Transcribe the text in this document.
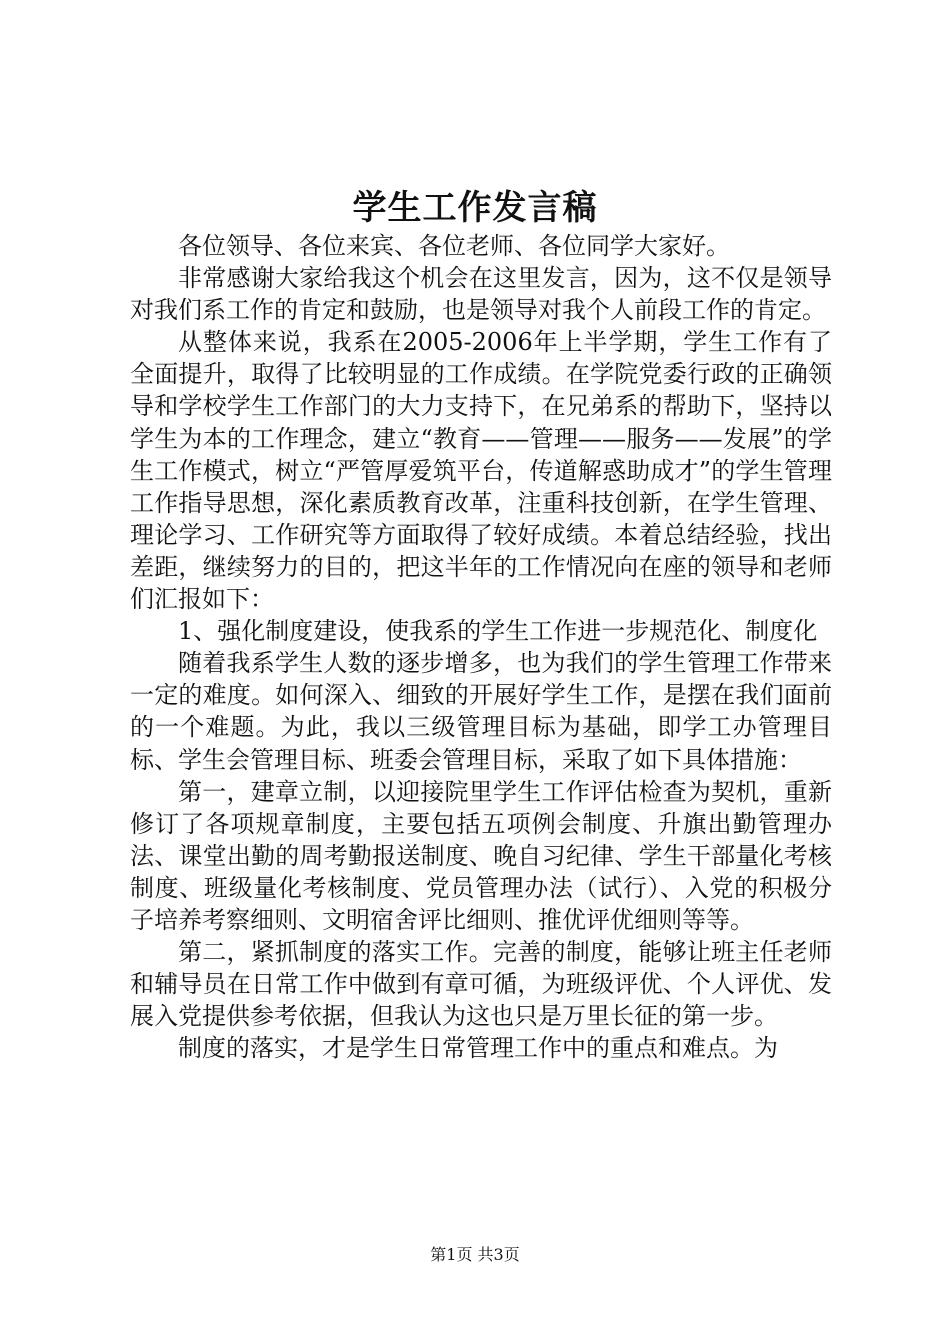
学生工作发言稿

各位领导、各位来宾、各位老师、各位同学大家好。

非常感谢大家给我这个机会在这里发言，因为，这不仅是领导对我们系工作的肯定和鼓励，也是领导对我个人前段工作的肯定。

从整体来说，我系在2005-2006年上半学期，学生工作有了全面提升，取得了比较明显的工作成绩。在学院党委行政的正确领导和学校学生工作部门的大力支持下，在兄弟系的帮助下，坚持以学生为本的工作理念，建立“教育——管理——服务——发展”的学生工作模式，树立“严管厚爱筑平台，传道解惑助成才”的学生管理工作指导思想，深化素质教育改革，注重科技创新，在学生管理、理论学习、工作研究等方面取得了较好成绩。本着总结经验，找出差距，继续努力的目的，把这半年的工作情况向在座的领导和老师们汇报如下：

1、强化制度建设，使我系的学生工作进一步规范化、制度化

随着我系学生人数的逐步增多，也为我们的学生管理工作带来一定的难度。如何深入、细致的开展好学生工作，是摆在我们面前的一个难题。为此，我以三级管理目标为基础，即学工办管理目标、学生会管理目标、班委会管理目标，采取了如下具体措施：

第一，建章立制，以迎接院里学生工作评估检查为契机，重新修订了各项规章制度，主要包括五项例会制度、升旗出勤管理办法、课堂出勤的周考勤报送制度、晚自习纪律、学生干部量化考核制度、班级量化考核制度、党员管理办法（试行）、入党的积极分子培养考察细则、文明宿舍评比细则、推优评优细则等等。

第二，紧抓制度的落实工作。完善的制度，能够让班主任老师和辅导员在日常工作中做到有章可循，为班级评优、个人评优、发展入党提供参考依据，但我认为这也只是万里长征的第一步。

制度的落实，才是学生日常管理工作中的重点和难点。为

第1页 共3页
